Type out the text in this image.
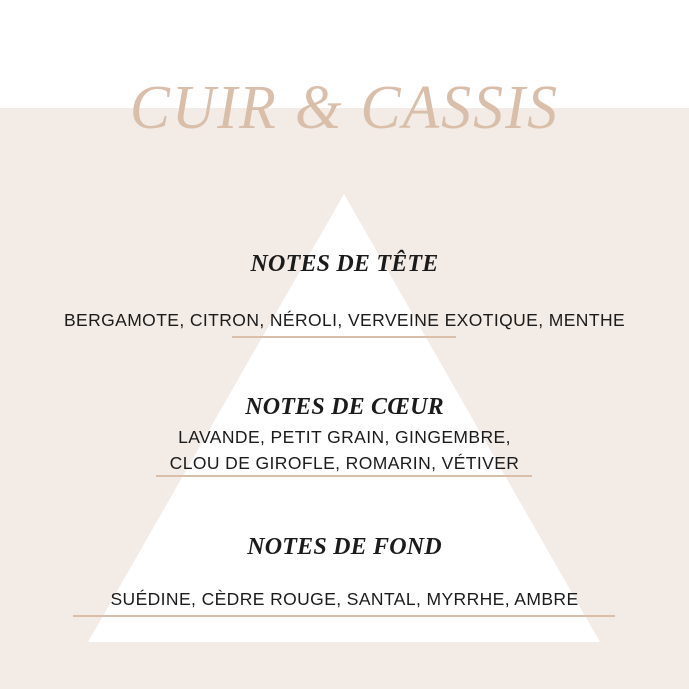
CUIR & CASSIS
NOTES DE TÊTE
BERGAMOTE, CITRON, NÉROLI, VERVEINE EXOTIQUE, MENTHE
NOTES DE CŒUR
LAVANDE, PETIT GRAIN, GINGEMBRE,
CLOU DE GIROFLE, ROMARIN, VÉTIVER
NOTES DE FOND
SUÉDINE, CÈDRE ROUGE, SANTAL, MYRRHE, AMBRE
